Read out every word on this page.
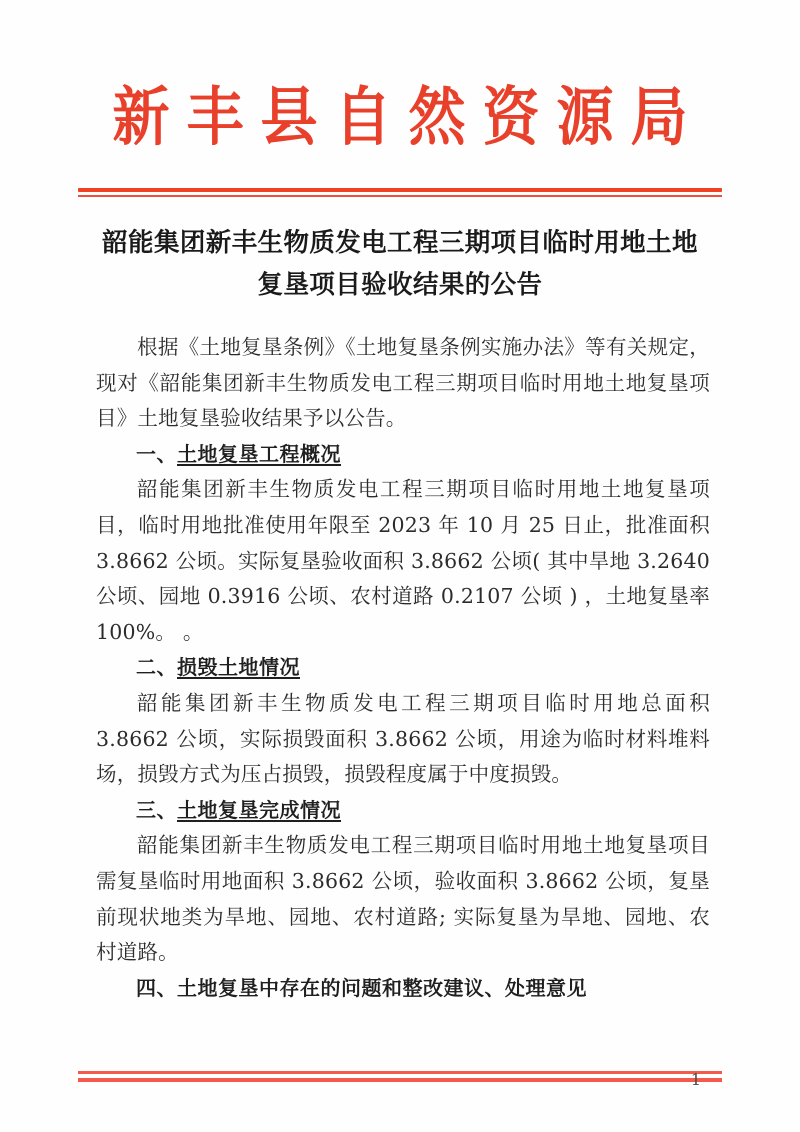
新丰县自然资源局
韶能集团新丰生物质发电工程三期项目临时用地土地复垦项目验收结果的公告

根据《土地复垦条例》《土地复垦条例实施办法》等有关规定，现对《韶能集团新丰生物质发电工程三期项目临时用地土地复垦项目》土地复垦验收结果予以公告。

一、土地复垦工程概况

韶能集团新丰生物质发电工程三期项目临时用地土地复垦项目，临时用地批准使用年限至 2023 年 10 月 25 日止，批准面积 3.8662 公顷。实际复垦验收面积 3.8662 公顷( 其中旱地 3.2640 公顷、园地 0.3916 公顷、农村道路 0.2107 公顷 ) ，土地复垦率 100%。 。

二、损毁土地情况

韶能集团新丰生物质发电工程三期项目临时用地总面积 3.8662 公顷，实际损毁面积 3.8662 公顷，用途为临时材料堆料场，损毁方式为压占损毁，损毁程度属于中度损毁。

三、土地复垦完成情况

韶能集团新丰生物质发电工程三期项目临时用地土地复垦项目需复垦临时用地面积 3.8662 公顷，验收面积 3.8662 公顷，复垦前现状地类为旱地、园地、农村道路; 实际复垦为旱地、园地、农村道路。

四、土地复垦中存在的问题和整改建议、处理意见

1
